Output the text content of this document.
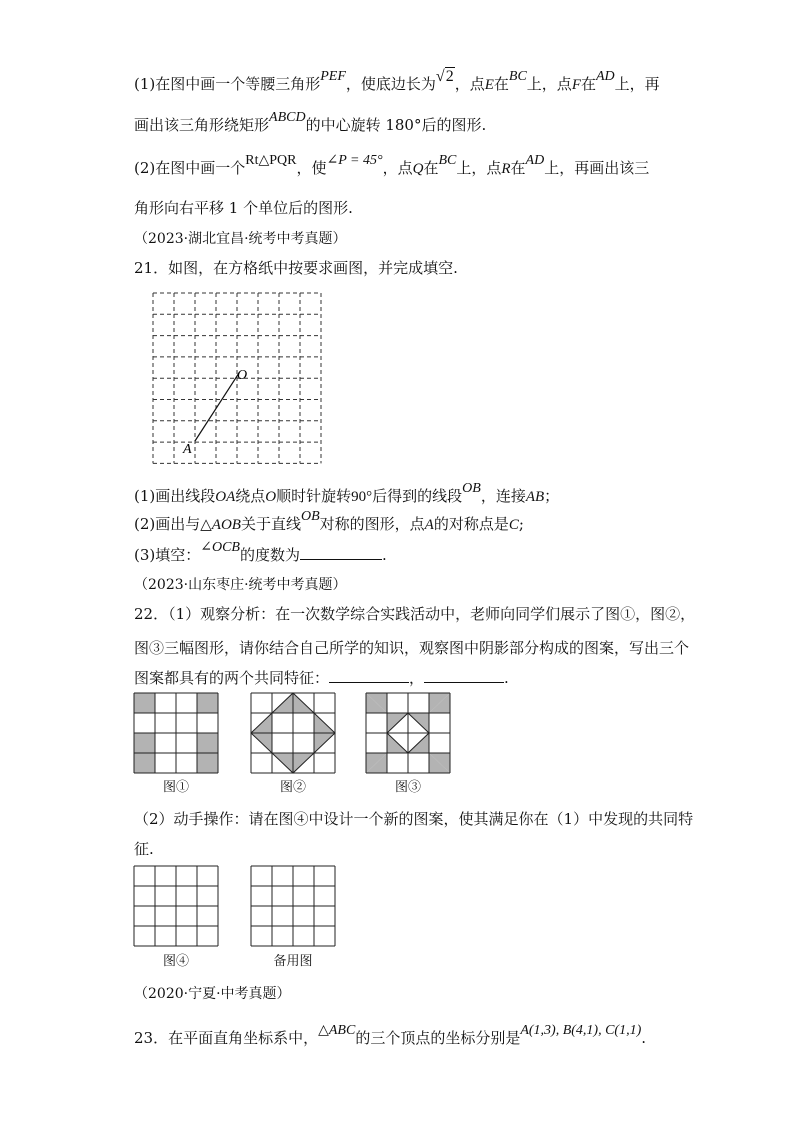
(1)在图中画一个等腰三角形PEF，使底边长为√2，点E在BC上，点F在AD上，再
画出该三角形绕矩形ABCD的中心旋转 180°后的图形.
(2)在图中画一个Rt△PQR，使∠P = 45°，点Q在BC上，点R在AD上，再画出该三
角形向右平移 1 个单位后的图形.
（2023·湖北宜昌·统考中考真题）
21．如图，在方格纸中按要求画图，并完成填空.
O
A
(1)画出线段OA绕点O顺时针旋转90°后得到的线段OB，连接AB；
(2)画出与△AOB关于直线OB对称的图形，点A的对称点是C;
(3)填空：∠OCB的度数为	.
（2023·山东枣庄·统考中考真题）
22．（1）观察分析：在一次数学综合实践活动中，老师向同学们展示了图①，图②，
图③三幅图形，请你结合自己所学的知识，观察图中阴影部分构成的图案，写出三个
图案都具有的两个共同特征：	，	.
图①	图②	图③
（2）动手操作：请在图④中设计一个新的图案，使其满足你在（1）中发现的共同特
征.
图④	备用图
（2020·宁夏·中考真题）
23．在平面直角坐标系中，△ABC的三个顶点的坐标分别是A(1,3), B(4,1), C(1,1).
